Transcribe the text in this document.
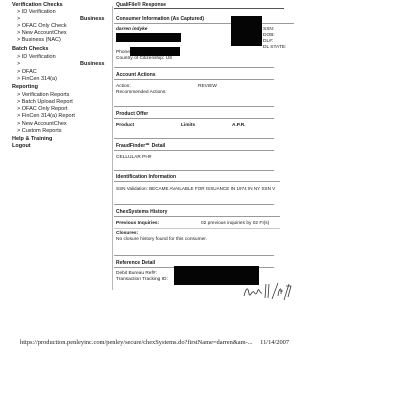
Verification Checks
> ID Verification
>	Business
> OFAC Only Check
> New AccountChex
> Business (NAC)
Batch Checks
> ID Verification
>	Business
> OFAC
> FinCen 314(a)
Reporting
> Verification Reports
> Batch Upload Report
> OFAC Only Report
> FinCen 314(a) Report
> New AccountChex
> Custom Reports
Help & Training
Logout
QualiFile® Response
Consumer Information (As Captured)
darren indyke	SSN:
DOB:
DL#:
DL STATE:
Phone
Country of Citizenship: US
Account Actions
Action:	REVIEW
Recommended Actions:
Product Offer
Product	Limits	A.P.R.
FraudFinder℠ Detail
CELLULAR PH#
Identification Information
SSN Validation: BECAME AVAILABLE FOR ISSUANCE IN 1974 IN NY SSN V
ChexSystems History
Previous Inquiries:	02 previous inquiries by 02 FI(s)
Closures:
No closure history found for this consumer.
Reference Detail
Debit Bureau Ref#:
Transaction Tracking ID:
https://production.penleyinc.com/penley/secure/chexSystems.do?firstName=darren&am-... 11/14/2007
